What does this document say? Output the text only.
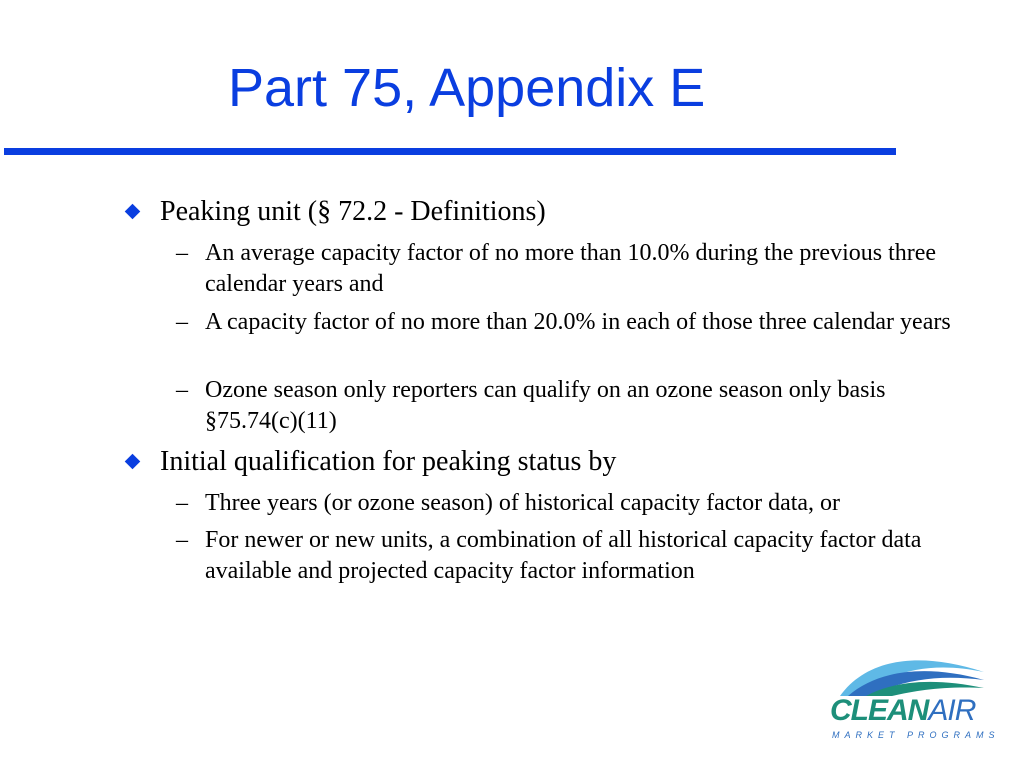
Part 75, Appendix E
Peaking unit (§ 72.2 - Definitions)
– An average capacity factor of no more than 10.0% during the previous three calendar years and
– A capacity factor of no more than 20.0% in each of those three calendar years
– Ozone season only reporters can qualify on an ozone season only basis §75.74(c)(11)
Initial qualification for peaking status by
– Three years (or ozone season) of historical capacity factor data, or
– For newer or new units, a combination of all historical capacity factor data available and projected capacity factor information
CLEANAIR
MARKET PROGRAMS
